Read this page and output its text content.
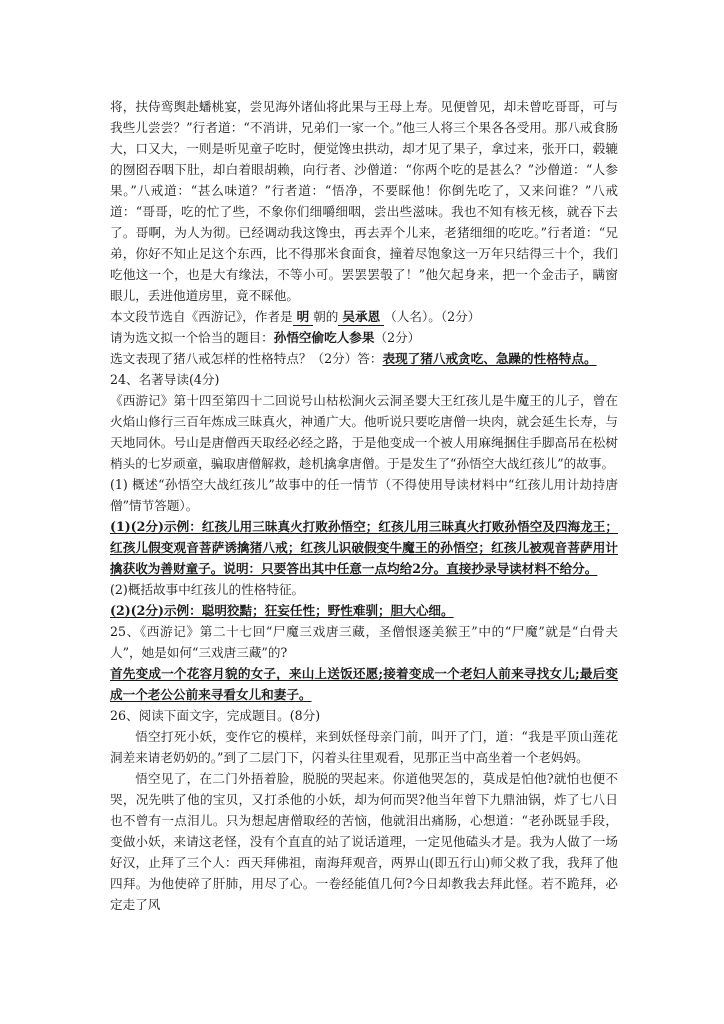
将，扶侍鸾舆赴蟠桃宴，尝见海外诸仙将此果与王母上寿。见便曾见，却未曾吃哥哥，可与我些儿尝尝？”行者道：“不消讲，兄弟们一家一个。”他三人将三个果各各受用。那八戒食肠大，口又大，一则是听见童子吃时，便觉馋虫拱动，却才见了果子，拿过来，张开口，毂辘的囫囵吞咽下肚，却白着眼胡赖，向行者、沙僧道：“你两个吃的是甚么？”沙僧道：“人参果。”八戒道：“甚么味道？”行者道：“悟净，不要睬他！你倒先吃了，又来问谁？”八戒道：“哥哥，吃的忙了些，不象你们细嚼细咽，尝出些滋味。我也不知有核无核，就吞下去了。哥啊，为人为彻。已经调动我这馋虫，再去弄个儿来，老猪细细的吃吃。”行者道：“兄弟，你好不知止足这个东西，比不得那米食面食，撞着尽饱象这一万年只结得三十个，我们吃他这一个，也是大有缘法，不等小可。罢罢罢彀了！”他欠起身来，把一个金击子，瞒窗眼儿，丢进他道房里，竟不睬他。

本文段节选自《西游记》，作者是 明 朝的 吴承恩 （人名）。（2分）

请为选文拟一个恰当的题目：孙悟空偷吃人参果（2分）

选文表现了猪八戒怎样的性格特点？（2分）答：表现了猪八戒贪吃、急躁的性格特点。

24、名著导读(4分)

《西游记》第十四至第四十二回说号山枯松涧火云洞圣婴大王红孩儿是牛魔王的儿子，曾在火焰山修行三百年炼成三昧真火，神通广大。他听说只要吃唐僧一块肉，就会延生长寿，与天地同休。号山是唐僧西天取经必经之路，于是他变成一个被人用麻绳捆住手脚高吊在松树梢头的七岁顽童，骗取唐僧解救，趁机擒拿唐僧。于是发生了“孙悟空大战红孩儿”的故事。

(1) 概述“孙悟空大战红孩儿”故事中的任一情节（不得使用导读材料中“红孩儿用计劫持唐僧”情节答题）。

(1)(2分)示例：红孩儿用三昧真火打败孙悟空；红孩儿用三昧真火打败孙悟空及四海龙王；红孩儿假变观音菩萨诱擒猪八戒；红孩儿识破假变牛魔王的孙悟空；红孩儿被观音菩萨用计擒获收为善财童子。说明：只要答出其中任意一点均给2分。直接抄录导读材料不给分。

(2)概括故事中红孩儿的性格特征。

(2)(2分)示例：聪明狡黠；狂妄任性；野性难驯；胆大心细。

25、《西游记》第二十七回“尸魔三戏唐三藏，圣僧恨逐美猴王”中的“尸魔”就是“白骨夫人”，她是如何“三戏唐三藏”的?

首先变成一个花容月貌的女子，来山上送饭还愿;接着变成一个老妇人前来寻找女儿;最后变成一个老公公前来寻看女儿和妻子。

26、阅读下面文字，完成题目。(8分)

悟空打死小妖，变作它的模样，来到妖怪母亲门前，叫开了门，道：“我是平顶山莲花洞差来请老奶奶的。”到了二层门下，闪着头往里观看，见那正当中高坐着一个老妈妈。

悟空见了，在二门外捂着脸，脱脱的哭起来。你道他哭怎的，莫成是怕他?就怕也便不哭，况先哄了他的宝贝，又打杀他的小妖，却为何而哭?他当年曾下九鼎油锅，炸了七八日也不曾有一点泪儿。只为想起唐僧取经的苦恼，他就泪出痛肠，心想道：“老孙既显手段，变做小妖，来请这老怪，没有个直直的站了说话道理，一定见他磕头才是。我为人做了一场好汉，止拜了三个人：西天拜佛祖，南海拜观音，两界山(即五行山)师父救了我，我拜了他四拜。为他使碎了肝肺，用尽了心。一卷经能值几何?今日却教我去拜此怪。若不跪拜，必定走了风
